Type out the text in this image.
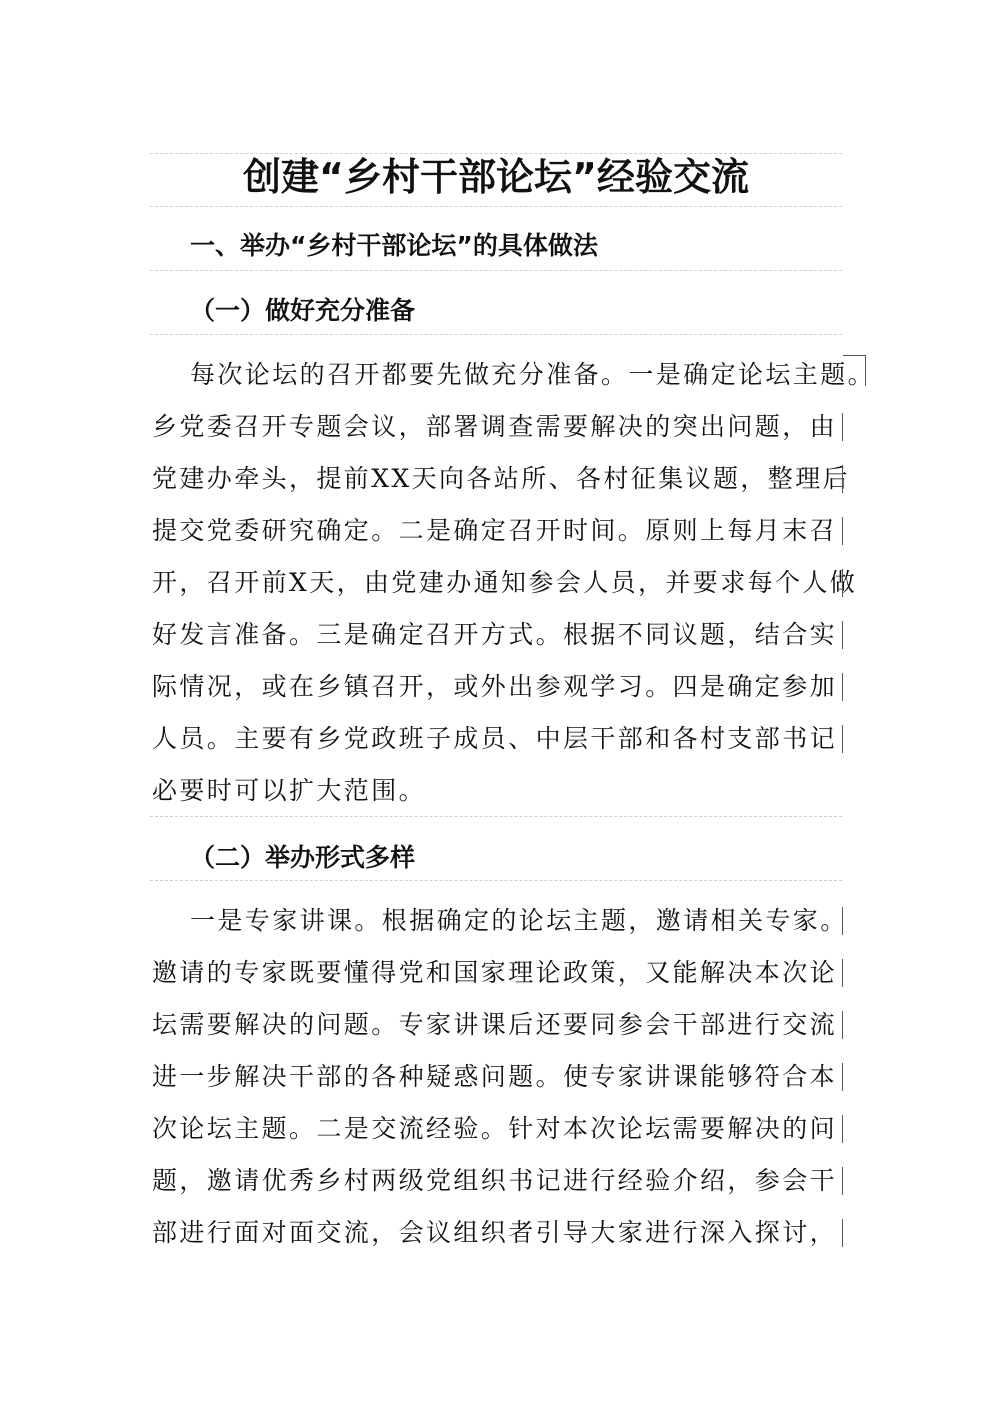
创建“乡村干部论坛”经验交流
一、举办“乡村干部论坛”的具体做法
（一）做好充分准备
每次论坛的召开都要先做充分准备。一是确定论坛主题。
乡党委召开专题会议，部署调查需要解决的突出问题，由
党建办牵头，提前XX天向各站所、各村征集议题，整理后
提交党委研究确定。二是确定召开时间。原则上每月末召
开，召开前X天，由党建办通知参会人员，并要求每个人做
好发言准备。三是确定召开方式。根据不同议题，结合实
际情况，或在乡镇召开，或外出参观学习。四是确定参加
人员。主要有乡党政班子成员、中层干部和各村支部书记
必要时可以扩大范围。
（二）举办形式多样
一是专家讲课。根据确定的论坛主题，邀请相关专家。
邀请的专家既要懂得党和国家理论政策，又能解决本次论
坛需要解决的问题。专家讲课后还要同参会干部进行交流
进一步解决干部的各种疑惑问题。使专家讲课能够符合本
次论坛主题。二是交流经验。针对本次论坛需要解决的问
题，邀请优秀乡村两级党组织书记进行经验介绍，参会干
部进行面对面交流，会议组织者引导大家进行深入探讨，
